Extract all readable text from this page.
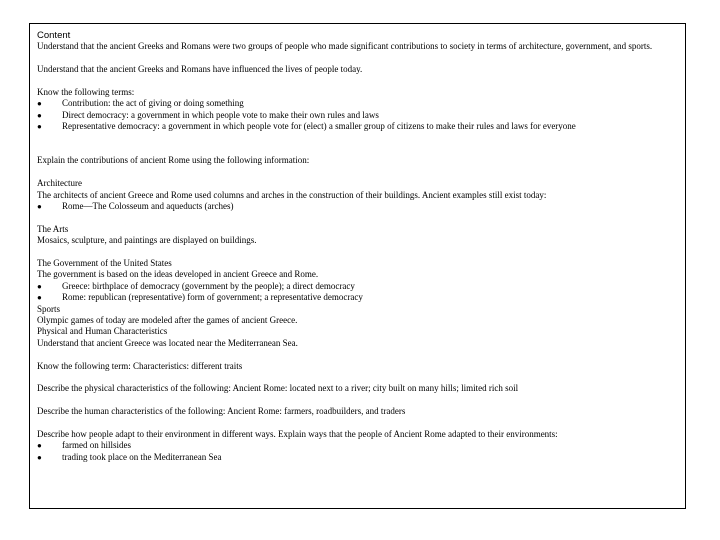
Content

Understand that the ancient Greeks and Romans were two groups of people who made significant contributions to society in terms of architecture, government, and sports.

Understand that the ancient Greeks and Romans have influenced the lives of people today.

Know the following terms:

●	Contribution: the act of giving or doing something
●	Direct democracy: a government in which people vote to make their own rules and laws
●	Representative democracy: a government in which people vote for (elect) a smaller group of citizens to make their rules and laws for everyone

Explain the contributions of ancient Rome using the following information:

Architecture

The architects of ancient Greece and Rome used columns and arches in the construction of their buildings. Ancient examples still exist today:

●	Rome—The Colosseum and aqueducts (arches)

The Arts

Mosaics, sculpture, and paintings are displayed on buildings.

The Government of the United States

The government is based on the ideas developed in ancient Greece and Rome.

●	Greece: birthplace of democracy (government by the people); a direct democracy
●	Rome: republican (representative) form of government; a representative democracy

Sports

Olympic games of today are modeled after the games of ancient Greece.

Physical and Human Characteristics

Understand that ancient Greece was located near the Mediterranean Sea.

Know the following term: Characteristics: different traits

Describe the physical characteristics of the following: Ancient Rome: located next to a river; city built on many hills; limited rich soil

Describe the human characteristics of the following: Ancient Rome: farmers, roadbuilders, and traders

Describe how people adapt to their environment in different ways. Explain ways that the people of Ancient Rome adapted to their environments:

●	farmed on hillsides
●	trading took place on the Mediterranean Sea
